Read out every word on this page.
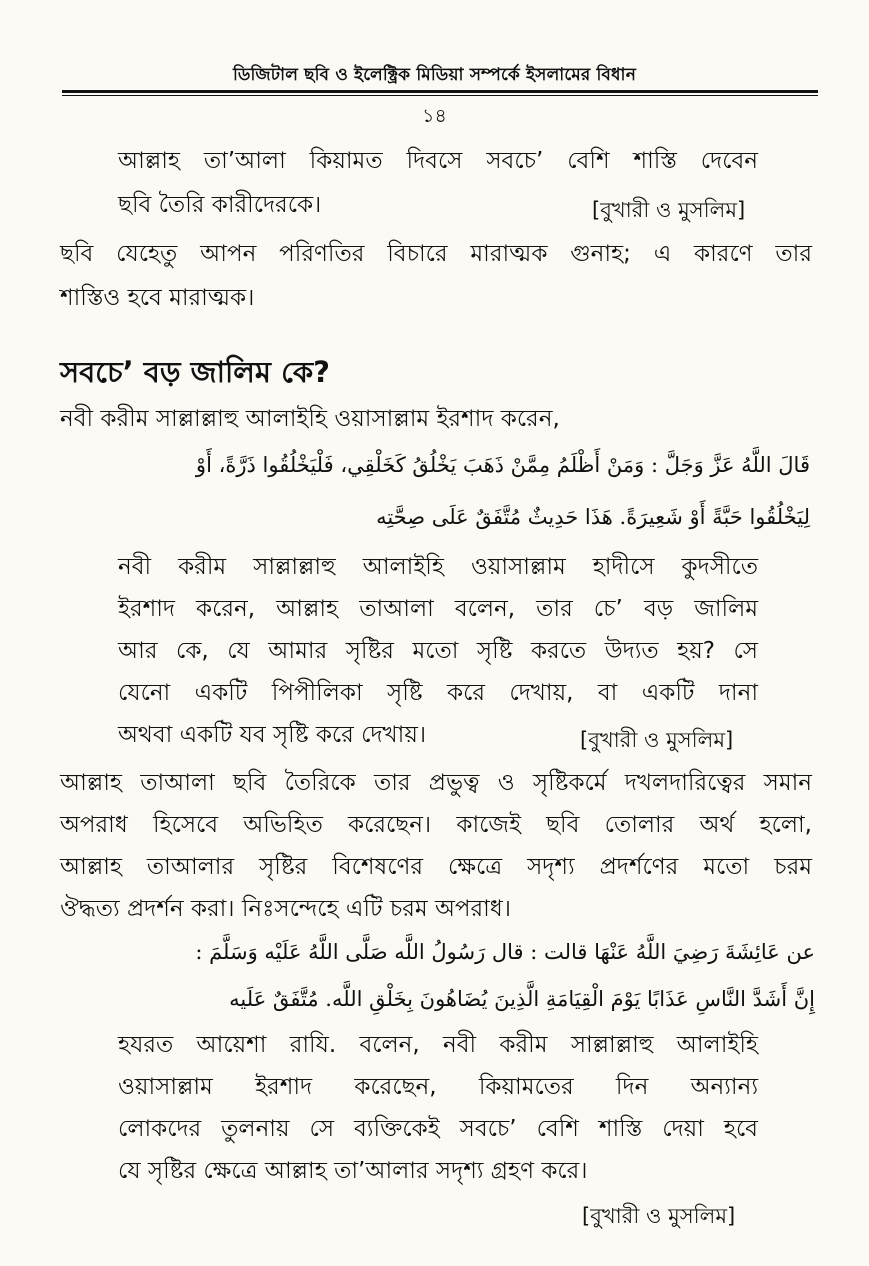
ডিজিটাল ছবি ও ইলেক্ট্রিক মিডিয়া সম্পর্কে ইসলামের বিধান
১৪
আল্লাহ তা’আলা কিয়ামত দিবসে সবচে’ বেশি শাস্তি দেবেন
ছবি তৈরি কারীদেরকে।	[বুখারী ও মুসলিম]
ছবি যেহেতু আপন পরিণতির বিচারে মারাত্মক গুনাহ; এ কারণে তার
শাস্তিও হবে মারাত্মক।
সবচে’ বড় জালিম কে?
নবী করীম সাল্লাল্লাহু আলাইহি ওয়াসাল্লাম ইরশাদ করেন,
قَالَ اللَّهُ عَزَّ وَجَلَّ : وَمَنْ أَظْلَمُ مِمَّنْ ذَهَبَ يَخْلُقُ كَخَلْقِي، فَلْيَخْلُقُوا ذَرَّةً، أَوْ
لِيَخْلُقُوا حَبَّةً أَوْ شَعِيرَةً. هَذَا حَدِيثٌ مُتَّفَقٌ عَلَى صِحَّتِه
নবী করীম সাল্লাল্লাহু আলাইহি ওয়াসাল্লাম হাদীসে কুদসীতে
ইরশাদ করেন, আল্লাহ তাআলা বলেন, তার চে’ বড় জালিম
আর কে, যে আমার সৃষ্টির মতো সৃষ্টি করতে উদ্যত হয়? সে
যেনো একটি পিপীলিকা সৃষ্টি করে দেখায়, বা একটি দানা
অথবা একটি যব সৃষ্টি করে দেখায়।	[বুখারী ও মুসলিম]
আল্লাহ তাআলা ছবি তৈরিকে তার প্রভুত্ব ও সৃষ্টিকর্মে দখলদারিত্বের সমান
অপরাধ হিসেবে অভিহিত করেছেন। কাজেই ছবি তোলার অর্থ হলো,
আল্লাহ তাআলার সৃষ্টির বিশেষণের ক্ষেত্রে সদৃশ্য প্রদর্শণের মতো চরম
ঔদ্ধত্য প্রদর্শন করা। নিঃসন্দেহে এটি চরম অপরাধ।
عن عَائِشَةَ رَضِيَ اللَّهُ عَنْهَا قالت : قال رَسُولُ اللَّه صَلَّى اللَّهُ عَلَيْه وَسَلَّمَ :
إِنَّ أَشَدَّ النَّاسِ عَذَابًا يَوْمَ الْقِيَامَةِ الَّذِينَ يُضَاهُونَ بِخَلْقِ اللَّه. مُتَّفَقٌ عَلَيه
হযরত আয়েশা রাযি. বলেন, নবী করীম সাল্লাল্লাহু আলাইহি
ওয়াসাল্লাম ইরশাদ করেছেন, কিয়ামতের দিন অন্যান্য
লোকদের তুলনায় সে ব্যক্তিকেই সবচে’ বেশি শাস্তি দেয়া হবে
যে সৃষ্টির ক্ষেত্রে আল্লাহ তা’আলার সদৃশ্য গ্রহণ করে।
[বুখারী ও মুসলিম]
